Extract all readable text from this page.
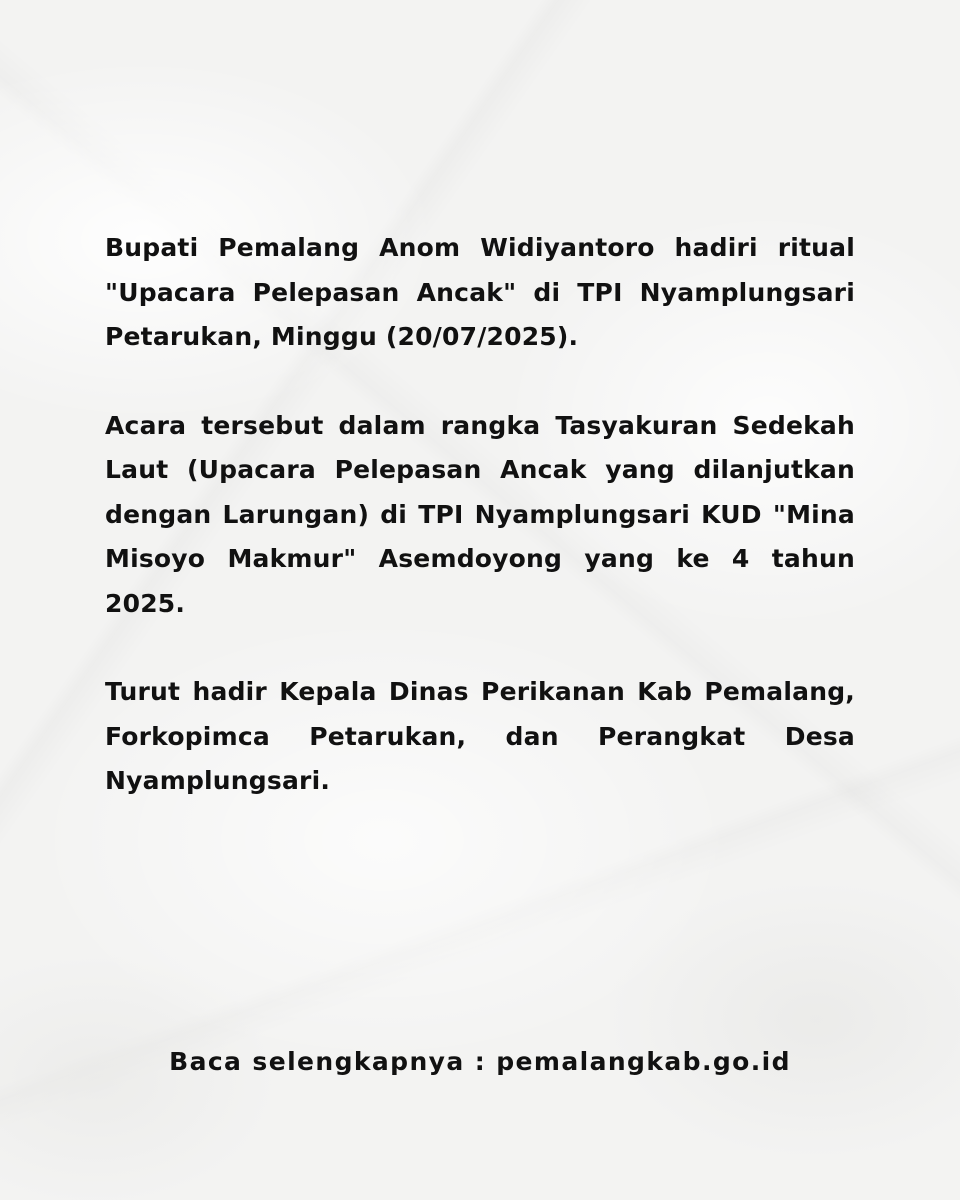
Bupati Pemalang Anom Widiyantoro hadiri ritual "Upacara Pelepasan Ancak" di TPI Nyamplungsari Petarukan, Minggu (20/07/2025).

Acara tersebut dalam rangka Tasyakuran Sedekah Laut (Upacara Pelepasan Ancak yang dilanjutkan dengan Larungan) di TPI Nyamplungsari KUD "Mina Misoyo Makmur" Asemdoyong yang ke 4 tahun 2025.

Turut hadir Kepala Dinas Perikanan Kab Pemalang, Forkopimca Petarukan, dan Perangkat Desa Nyamplungsari.

Baca selengkapnya : pemalangkab.go.id
